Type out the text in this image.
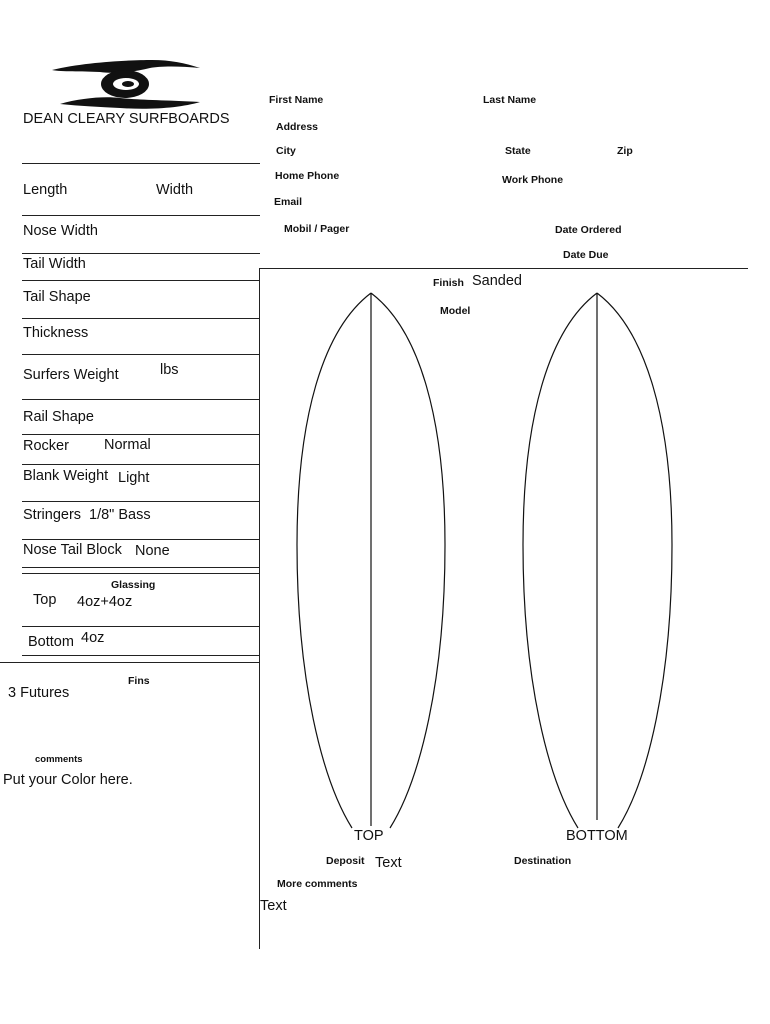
DEAN CLEARY SURFBOARDS
Length	Width
Nose Width
Tail Width
Tail Shape
Thickness
Surfers Weight	lbs
Rail Shape
Rocker Normal
Blank Weight Light
Stringers 1/8" Bass
Nose Tail Block None
Glassing
Top 4oz+4oz
Bottom 4oz
Fins
3 Futures
comments
Put your Color here.
First Name	Last Name
Address
City	State	Zip
Home Phone	Work Phone
Email
Mobil / Pager	Date Ordered
Date Due
Finish Sanded
Model
TOP	BOTTOM
Deposit Text	Destination
More comments
Text
